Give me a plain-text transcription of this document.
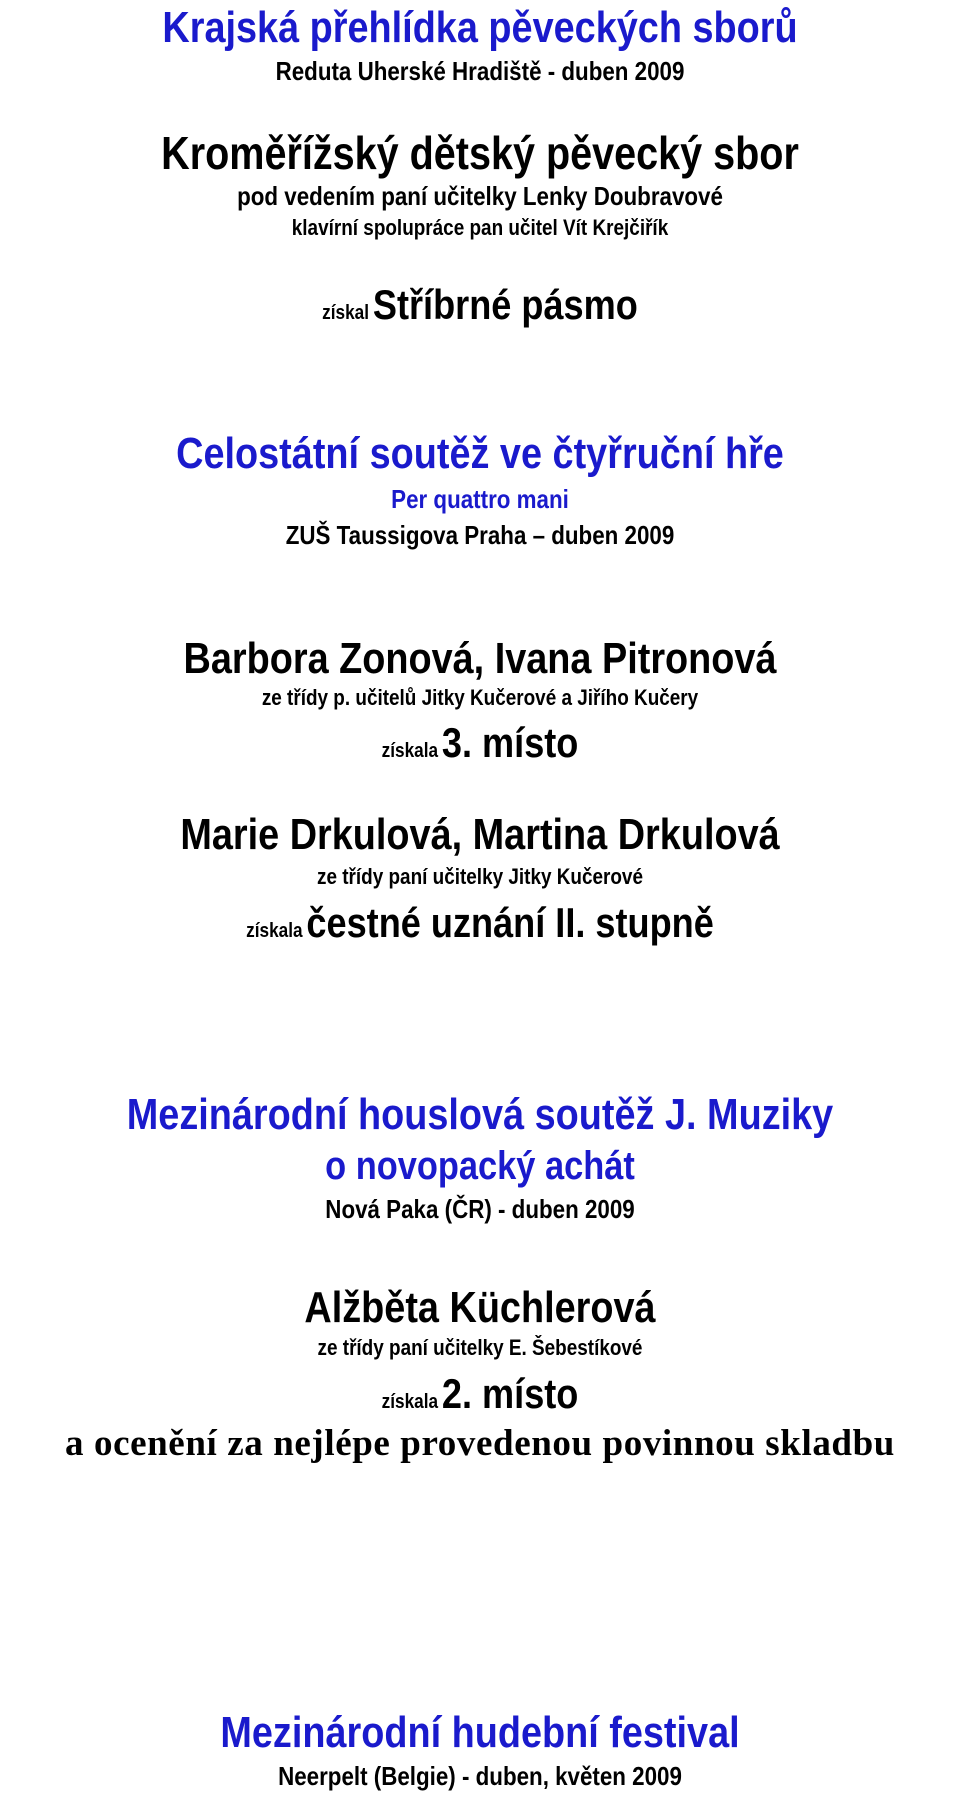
Krajská přehlídka pěveckých sborů
Reduta Uherské Hradiště - duben 2009
Kroměřížský dětský pěvecký sbor
pod vedením paní učitelky Lenky Doubravové
klavírní spolupráce pan učitel Vít Krejčiřík
získal Stříbrné pásmo
Celostátní soutěž ve čtyřruční hře
Per quattro mani
ZUŠ Taussigova Praha – duben 2009
Barbora Zonová, Ivana Pitronová
ze třídy p. učitelů Jitky Kučerové a Jiřího Kučery
získala 3. místo
Marie Drkulová, Martina Drkulová
ze třídy paní učitelky Jitky Kučerové
získala čestné uznání II. stupně
Mezinárodní houslová soutěž J. Muziky
o novopacký achát
Nová Paka (ČR) - duben 2009
Alžběta Küchlerová
ze třídy paní učitelky E. Šebestíkové
získala 2. místo
a ocenění za nejlépe provedenou povinnou skladbu
Mezinárodní hudební festival
Neerpelt (Belgie) - duben, květen 2009
